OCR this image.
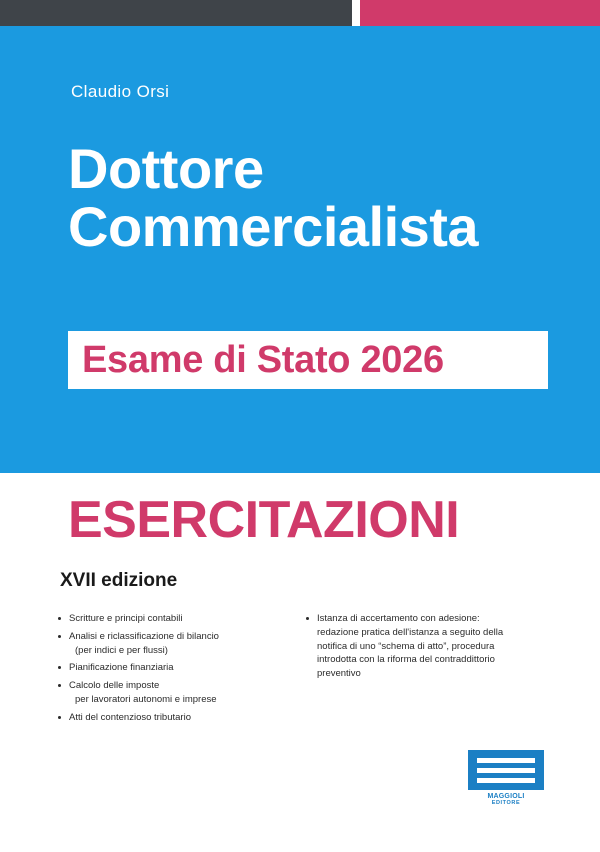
Claudio Orsi
Dottore
Commercialista
Esame di Stato 2026
ESERCITAZIONI
XVII edizione

Scritture e principi contabili

Analisi e riclassificazione di bilancio

(per indici e per flussi)

Pianificazione finanziaria

Calcolo delle imposte

per lavoratori autonomi e imprese

Atti del contenzioso tributario

Istanza di accertamento con adesione: redazione pratica dell'istanza a seguito della notifica di uno “schema di atto”, procedura introdotta con la riforma del contraddittorio preventivo

MAGGIOLI
EDITORE
